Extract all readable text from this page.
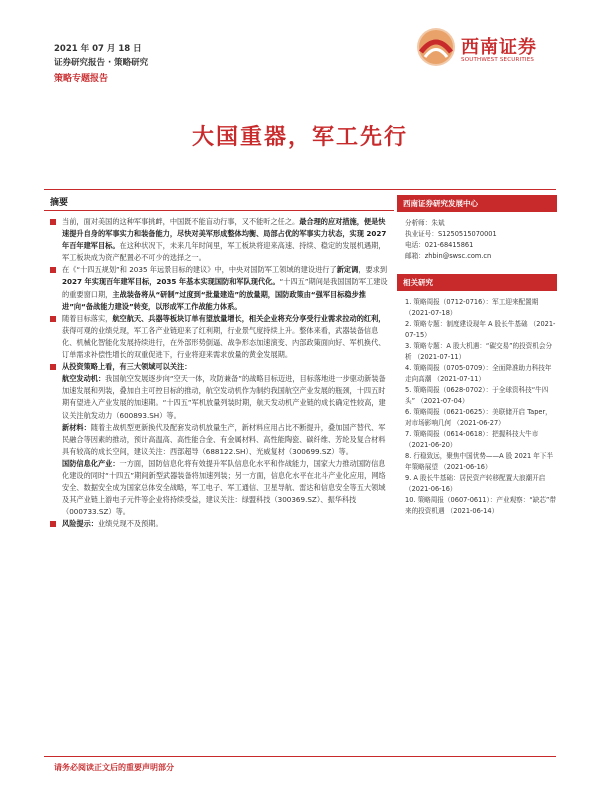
2021 年 07 月 18 日
证券研究报告 · 策略研究
策略专题报告
西南证券
SOUTHWEST SECURITIES
大国重器，军工先行
摘要

当前，面对美国的这种军事挑衅，中国既不能盲动行事，又不能听之任之。最合理的应对措施，便是快速提升自身的军事实力和装备能力，尽快对美军形成整体均衡、局部占优的军事实力状态，实现 2027 年百年建军目标。在这种状况下，未来几年时间里，军工板块将迎来高速、持续、稳定的发展机遇期，军工板块成为资产配置必不可少的选择之一。

在《“十四五规划”和 2035 年远景目标的建议》中，中央对国防军工领域的建设进行了新定调，要求到2027 年实现百年建军目标，2035 年基本实现国防和军队现代化。“十四五”期间是我国国防军工建设的重要窗口期，主战装备将从“研制”过度到“批量建造”的放量期，国防政策由“强军目标稳步推进”向“备战能力建设”转变，以形成军工作战能力体系。

随着目标落实，航空航天、兵器等板块订单有望放量增长，相关企业将充分享受行业需求拉动的红利，获得可观的业绩兑现，军工各产业链迎来了红利期，行业景气度持续上升。整体来看，武器装备信息化、机械化智能化发展持续进行，在外部形势倒逼、战争形态加速演变、内部政策面向好、军机换代、订单需求补偿性增长的双重促进下，行业将迎来需求放量的黄金发展期。

从投资策略上看，有三大领域可以关注：

航空发动机：我国航空发展逐步向“空天一体，攻防兼备”的战略目标迈进，目标落地进一步驱动新装备加速发展和列装，叠加自主可控目标的推动，航空发动机作为制约我国航空产业发展的瓶颈，十四五时期有望进入产业发展的加速期。“十四五”军机放量列装时期，航天发动机产业链的成长确定性较高，建议关注航发动力（600893.SH）等。

新材料：随着主战机型更新换代及配套发动机放量生产，新材料应用占比不断提升，叠加国产替代、军民融合等因素的推动，预计高温高、高性能合金、有金属材料、高性能陶瓷、碳纤维、芳纶及复合材料具有较高的成长空间，建议关注：西部超导（688122.SH）、光威复材（300699.SZ）等。

国防信息化产业：一方面，国防信息化将有效提升军队信息化水平和作战能力，国家大力推动国防信息化建设的同时“十四五”期间新型武器装备将加速列装；另一方面，信息化水平在北斗产业化应用，网络安全、数据安全成为国家总体安全战略，军工电子、军工通信、卫星导航、雷达和信息安全等五大领域及其产业链上游电子元件等企业将持续受益，建议关注：绿盟科技（300369.SZ）、振华科技（000733.SZ）等。

风险提示：业绩兑现不及预期。

西南证券研究发展中心
分析师：朱斌
执业证号：S1250515070001
电话：021-68415861
邮箱：zhbin@swsc.com.cn
相关研究
1. 策略周报（0712-0716）：军工迎来配置期 （2021-07-18）
2. 策略专题：制度建设现年 A 股长牛基础 （2021-07-15）
3. 策略专题：A 股大机遇：“碳交易”的投资机会分析 （2021-07-11）
4. 策略周报（0705-0709）：全面降准助力科技年走向高潮 （2021-07-11）
5. 策略周报（0628-0702）：于全球资科技“牛四头” （2021-07-04）
6. 策略周报（0621-0625）：美联储开启 Taper，对市场影响几何 （2021-06-27）
7. 策略周报（0614-0618）：把握科技大牛市 （2021-06-20）
8. 行稳致远，聚焦中国优势——A 股 2021 年下半年策略展望 （2021-06-16）
9. A 股长牛基础：居民资产转移配置大浪潮开启 （2021-06-16）
10. 策略周报（0607-0611）：产业观察：“缺芯”带来的投资机遇 （2021-06-14）
请务必阅读正文后的重要声明部分
